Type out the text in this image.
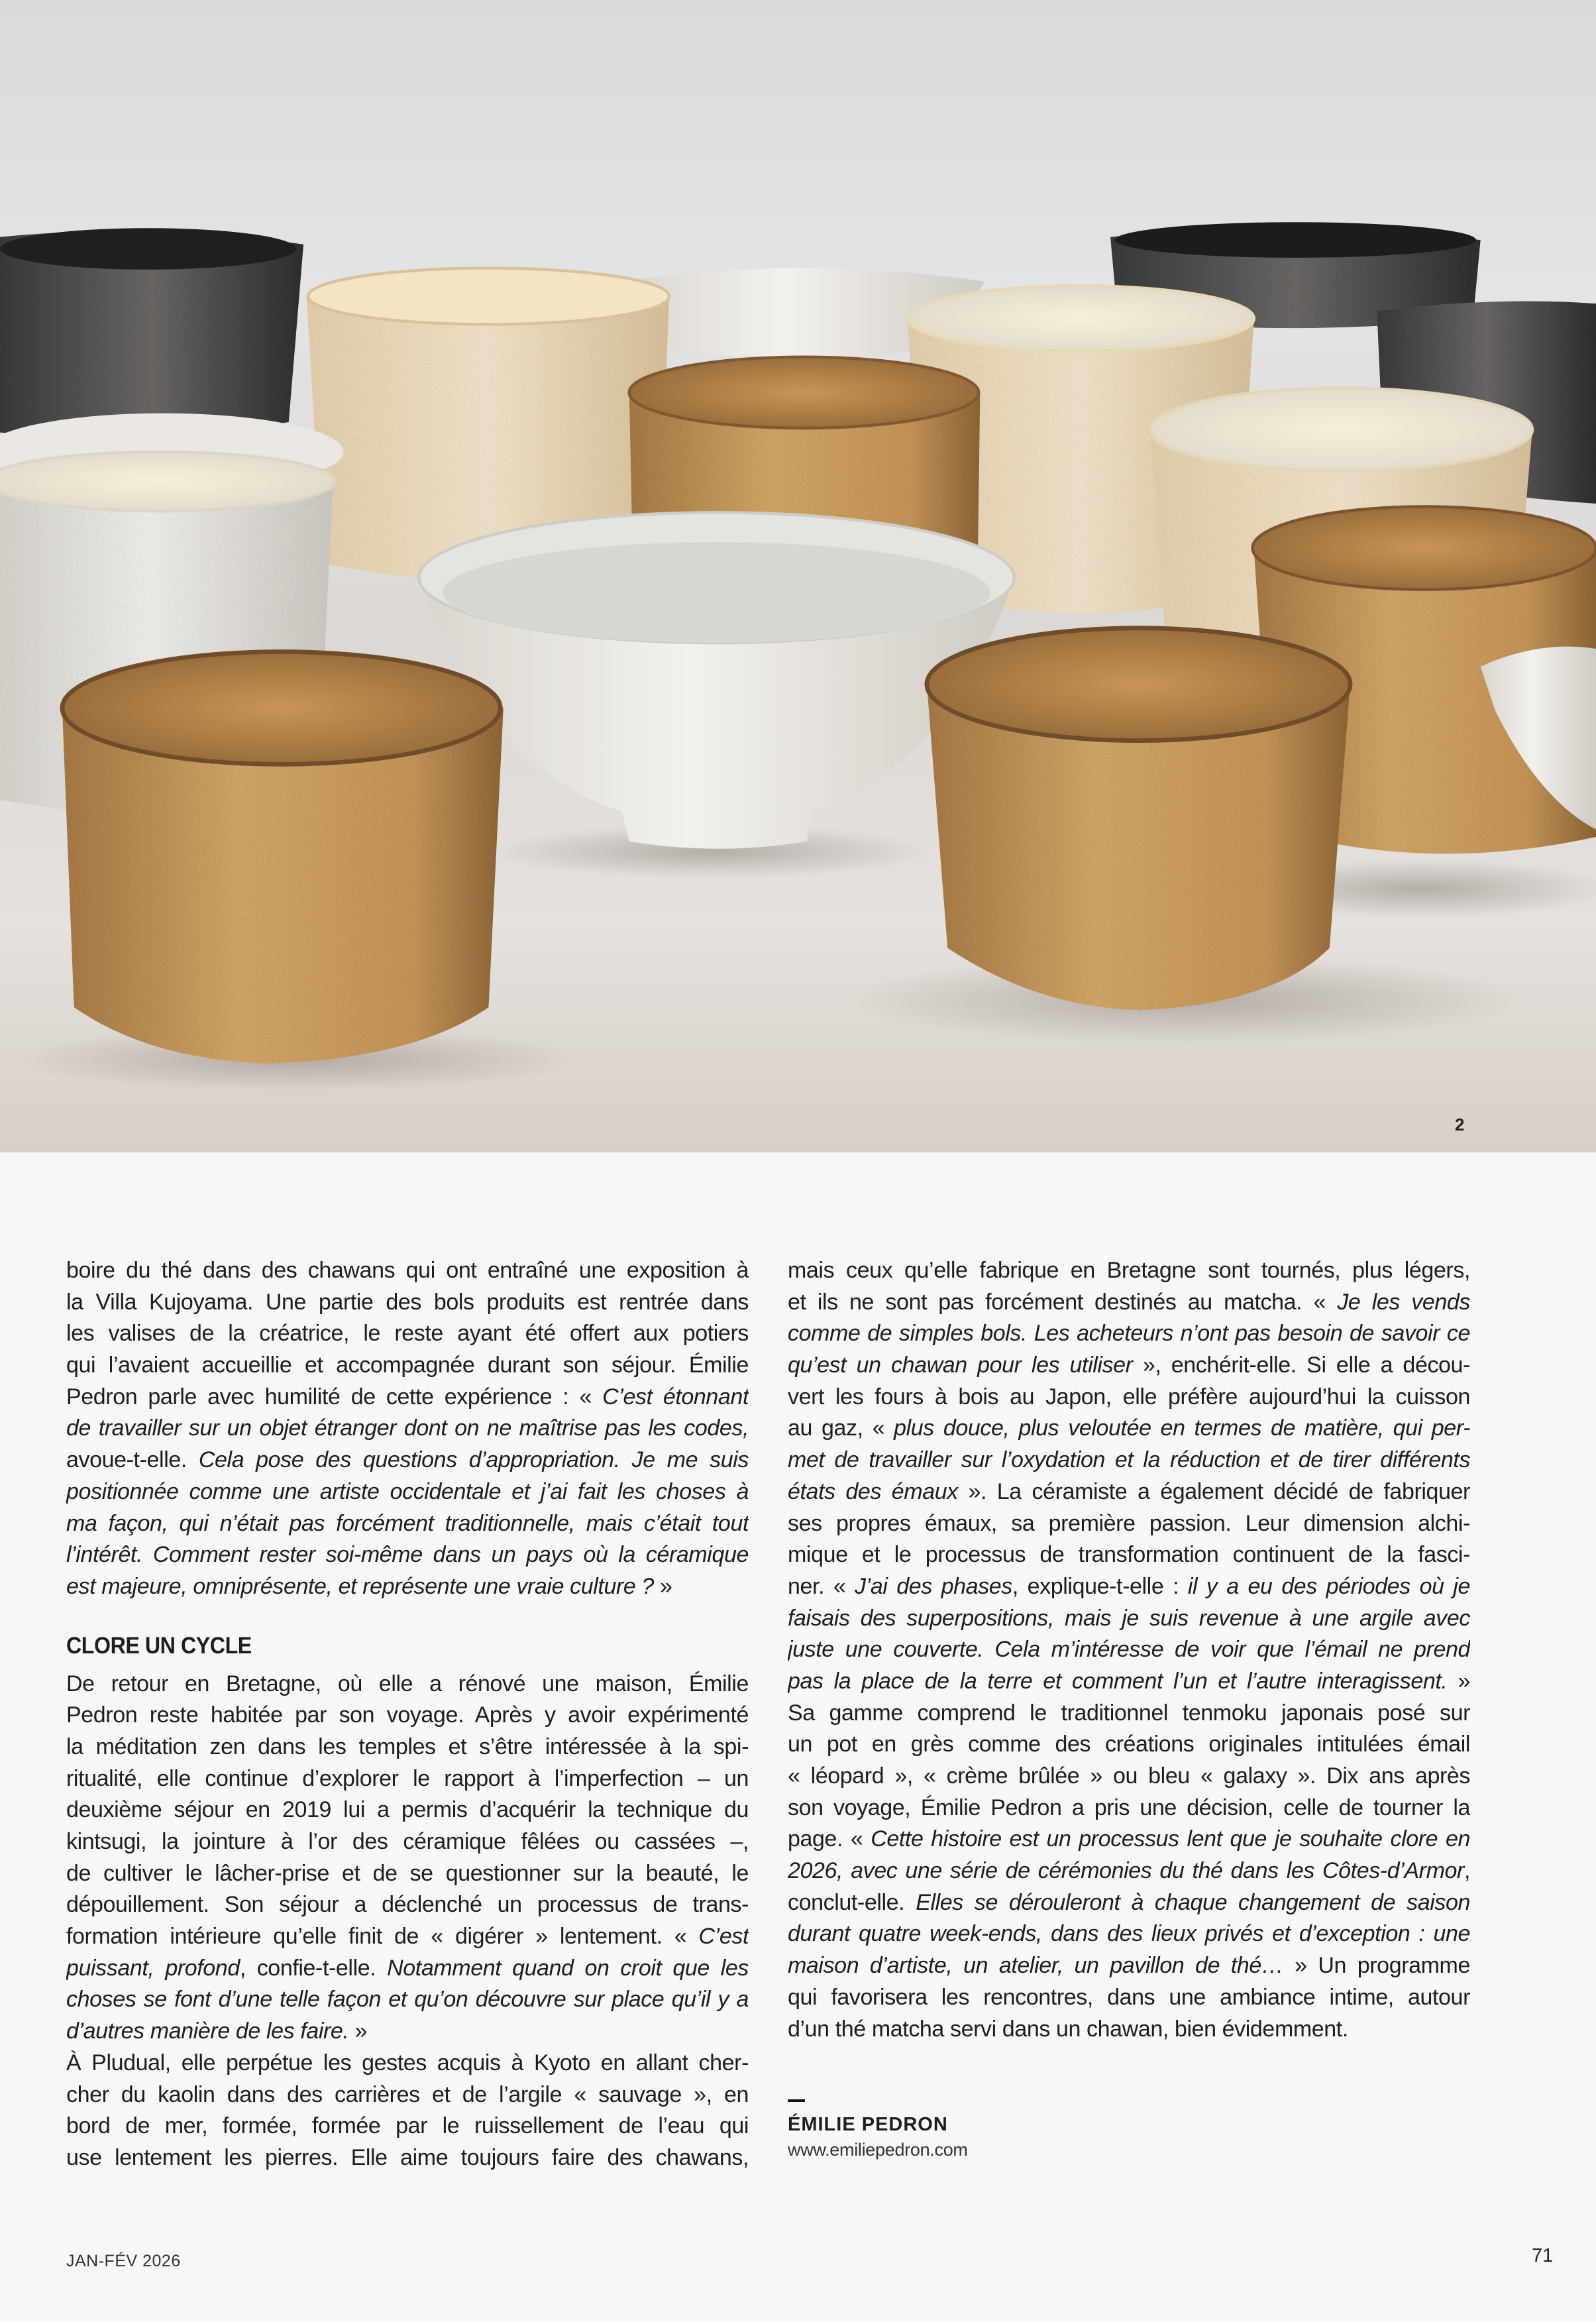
2
boire du thé dans des chawans qui ont entraîné une exposition à
la Villa Kujoyama. Une partie des bols produits est rentrée dans
les valises de la créatrice, le reste ayant été offert aux potiers
qui l’avaient accueillie et accompagnée durant son séjour. Émilie
Pedron parle avec humilité de cette expérience : « C’est étonnant
de travailler sur un objet étranger dont on ne maîtrise pas les codes,
avoue-t-elle. Cela pose des questions d’appropriation. Je me suis
positionnée comme une artiste occidentale et j’ai fait les choses à
ma façon, qui n’était pas forcément traditionnelle, mais c’était tout
l’intérêt. Comment rester soi-même dans un pays où la céramique
est majeure, omniprésente, et représente une vraie culture ? »
CLORE UN CYCLE
De retour en Bretagne, où elle a rénové une maison, Émilie
Pedron reste habitée par son voyage. Après y avoir expérimenté
la méditation zen dans les temples et s’être intéressée à la spi-
ritualité, elle continue d’explorer le rapport à l’imperfection – un
deuxième séjour en 2019 lui a permis d’acquérir la technique du
kintsugi, la jointure à l’or des céramique fêlées ou cassées –,
de cultiver le lâcher-prise et de se questionner sur la beauté, le
dépouillement. Son séjour a déclenché un processus de trans-
formation intérieure qu’elle finit de « digérer » lentement. « C’est
puissant, profond, confie-t-elle. Notamment quand on croit que les
choses se font d’une telle façon et qu’on découvre sur place qu’il y a
d’autres manière de les faire. »
À Pludual, elle perpétue les gestes acquis à Kyoto en allant cher-
cher du kaolin dans des carrières et de l’argile « sauvage », en
bord de mer, formée, formée par le ruissellement de l’eau qui
use lentement les pierres. Elle aime toujours faire des chawans,
mais ceux qu’elle fabrique en Bretagne sont tournés, plus légers,
et ils ne sont pas forcément destinés au matcha. « Je les vends
comme de simples bols. Les acheteurs n’ont pas besoin de savoir ce
qu’est un chawan pour les utiliser », enchérit-elle. Si elle a décou-
vert les fours à bois au Japon, elle préfère aujourd’hui la cuisson
au gaz, « plus douce, plus veloutée en termes de matière, qui per-
met de travailler sur l’oxydation et la réduction et de tirer différents
états des émaux ». La céramiste a également décidé de fabriquer
ses propres émaux, sa première passion. Leur dimension alchi-
mique et le processus de transformation continuent de la fasci-
ner. « J’ai des phases, explique-t-elle : il y a eu des périodes où je
faisais des superpositions, mais je suis revenue à une argile avec
juste une couverte. Cela m’intéresse de voir que l’émail ne prend
pas la place de la terre et comment l’un et l’autre interagissent. »
Sa gamme comprend le traditionnel tenmoku japonais posé sur
un pot en grès comme des créations originales intitulées émail
« léopard », « crème brûlée » ou bleu « galaxy ». Dix ans après
son voyage, Émilie Pedron a pris une décision, celle de tourner la
page. « Cette histoire est un processus lent que je souhaite clore en
2026, avec une série de cérémonies du thé dans les Côtes-d’Armor,
conclut-elle. Elles se dérouleront à chaque changement de saison
durant quatre week-ends, dans des lieux privés et d’exception : une
maison d’artiste, un atelier, un pavillon de thé… » Un programme
qui favorisera les rencontres, dans une ambiance intime, autour
d’un thé matcha servi dans un chawan, bien évidemment.
ÉMILIE PEDRON
www.emiliepedron.com
JAN-FÉV 2026	71
